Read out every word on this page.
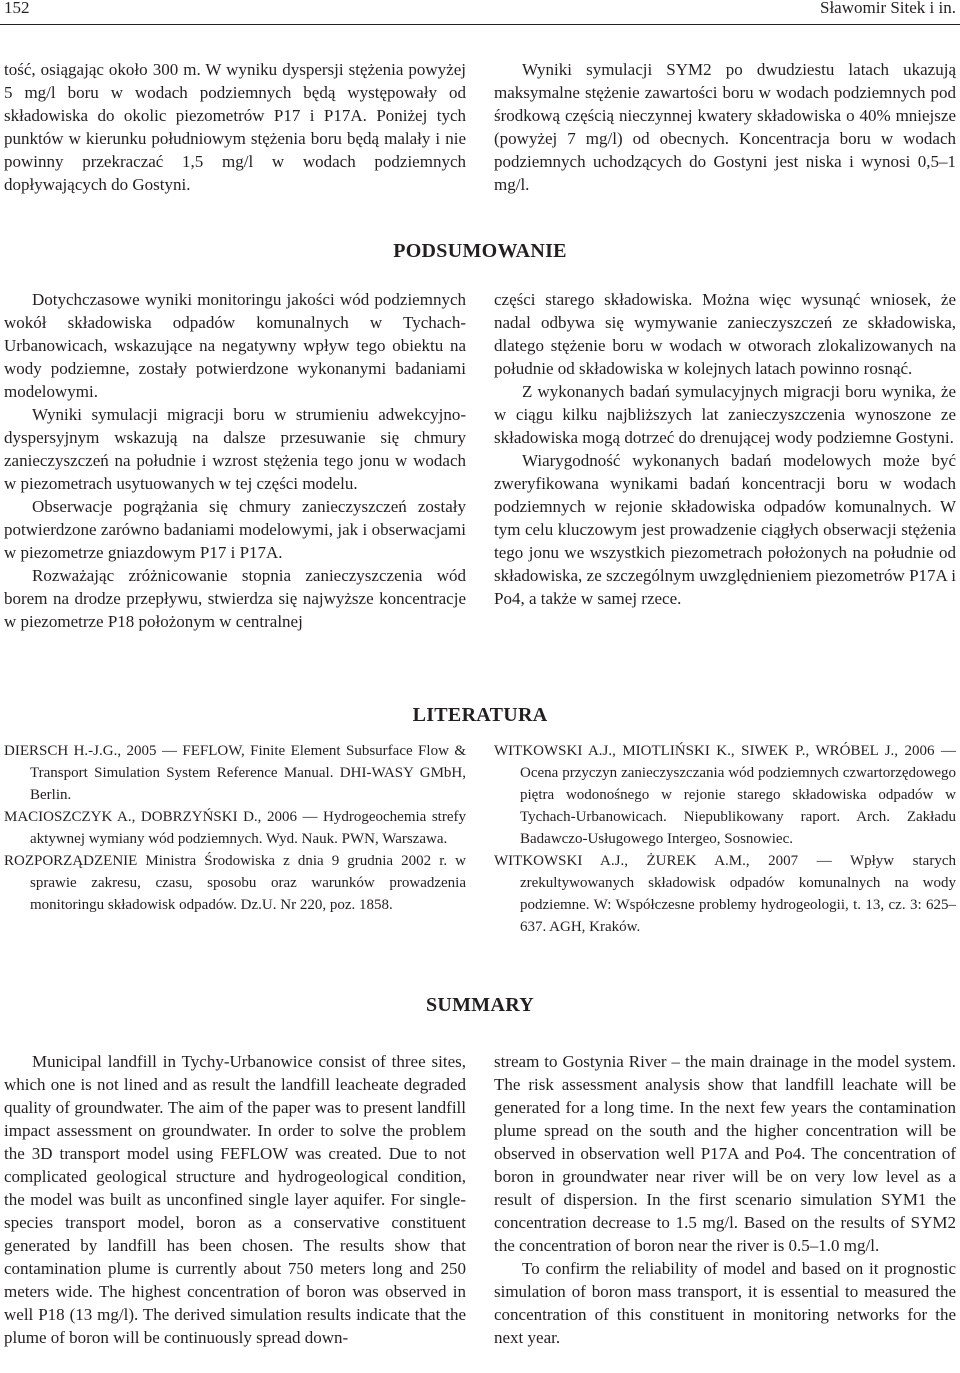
152	Sławomir Sitek i in.

tość, osiągając około 300 m. W wyniku dyspersji stężenia powyżej 5 mg/l boru w wodach podziemnych będą występowały od składowiska do okolic piezometrów P17 i P17A. Poniżej tych punktów w kierunku południowym stężenia boru będą malały i nie powinny przekraczać 1,5 mg/l w wodach podziemnych dopływających do Gostyni.

Wyniki symulacji SYM2 po dwudziestu latach ukazują maksymalne stężenie zawartości boru w wodach podziemnych pod środkową częścią nieczynnej kwatery składowiska o 40% mniejsze (powyżej 7 mg/l) od obecnych. Koncentracja boru w wodach podziemnych uchodzących do Gostyni jest niska i wynosi 0,5–1 mg/l.

PODSUMOWANIE

Dotychczasowe wyniki monitoringu jakości wód podziemnych wokół składowiska odpadów komunalnych w Tychach-Urbanowicach, wskazujące na negatywny wpływ tego obiektu na wody podziemne, zostały potwierdzone wykonanymi badaniami modelowymi.

Wyniki symulacji migracji boru w strumieniu adwekcyjno-dyspersyjnym wskazują na dalsze przesuwanie się chmury zanieczyszczeń na południe i wzrost stężenia tego jonu w wodach w piezometrach usytuowanych w tej części modelu.

Obserwacje pogrążania się chmury zanieczyszczeń zostały potwierdzone zarówno badaniami modelowymi, jak i obserwacjami w piezometrze gniazdowym P17 i P17A.

Rozważając zróżnicowanie stopnia zanieczyszczenia wód borem na drodze przepływu, stwierdza się najwyższe koncentracje w piezometrze P18 położonym w centralnej

części starego składowiska. Można więc wysunąć wniosek, że nadal odbywa się wymywanie zanieczyszczeń ze składowiska, dlatego stężenie boru w wodach w otworach zlokalizowanych na południe od składowiska w kolejnych latach powinno rosnąć.

Z wykonanych badań symulacyjnych migracji boru wynika, że w ciągu kilku najbliższych lat zanieczyszczenia wynoszone ze składowiska mogą dotrzeć do drenującej wody podziemne Gostyni.

Wiarygodność wykonanych badań modelowych może być zweryfikowana wynikami badań koncentracji boru w wodach podziemnych w rejonie składowiska odpadów komunalnych. W tym celu kluczowym jest prowadzenie ciągłych obserwacji stężenia tego jonu we wszystkich piezometrach położonych na południe od składowiska, ze szczególnym uwzględnieniem piezometrów P17A i Po4, a także w samej rzece.

LITERATURA

DIERSCH H.-J.G., 2005 — FEFLOW, Finite Element Subsurface Flow & Transport Simulation System Reference Manual. DHI-WASY GMbH, Berlin.

MACIOSZCZYK A., DOBRZYŃSKI D., 2006 — Hydrogeochemia strefy aktywnej wymiany wód podziemnych. Wyd. Nauk. PWN, Warszawa.

ROZPORZĄDZENIE Ministra Środowiska z dnia 9 grudnia 2002 r. w sprawie zakresu, czasu, sposobu oraz warunków prowadzenia monitoringu składowisk odpadów. Dz.U. Nr 220, poz. 1858.

WITKOWSKI A.J., MIOTLIŃSKI K., SIWEK P., WRÓBEL J., 2006 — Ocena przyczyn zanieczyszczania wód podziemnych czwartorzędowego piętra wodonośnego w rejonie starego składowiska odpadów w Tychach-Urbanowicach. Niepublikowany raport. Arch. Zakładu Badawczo-Usługowego Intergeo, Sosnowiec.

WITKOWSKI A.J., ŻUREK A.M., 2007 — Wpływ starych zrekultywowanych składowisk odpadów komunalnych na wody podziemne. W: Współczesne problemy hydrogeologii, t. 13, cz. 3: 625–637. AGH, Kraków.

SUMMARY

Municipal landfill in Tychy-Urbanowice consist of three sites, which one is not lined and as result the landfill leacheate degraded quality of groundwater. The aim of the paper was to present landfill impact assessment on groundwater. In order to solve the problem the 3D transport model using FEFLOW was created. Due to not complicated geological structure and hydrogeological condition, the model was built as unconfined single layer aquifer. For single-species transport model, boron as a conservative constituent generated by landfill has been chosen. The results show that contamination plume is currently about 750 meters long and 250 meters wide. The highest concentration of boron was observed in well P18 (13 mg/l). The derived simulation results indicate that the plume of boron will be continuously spread down-

stream to Gostynia River – the main drainage in the model system. The risk assessment analysis show that landfill leachate will be generated for a long time. In the next few years the contamination plume spread on the south and the higher concentration will be observed in observation well P17A and Po4. The concentration of boron in groundwater near river will be on very low level as a result of dispersion. In the first scenario simulation SYM1 the concentration decrease to 1.5 mg/l. Based on the results of SYM2 the concentration of boron near the river is 0.5–1.0 mg/l.

To confirm the reliability of model and based on it prognostic simulation of boron mass transport, it is essential to measured the concentration of this constituent in monitoring networks for the next year.
